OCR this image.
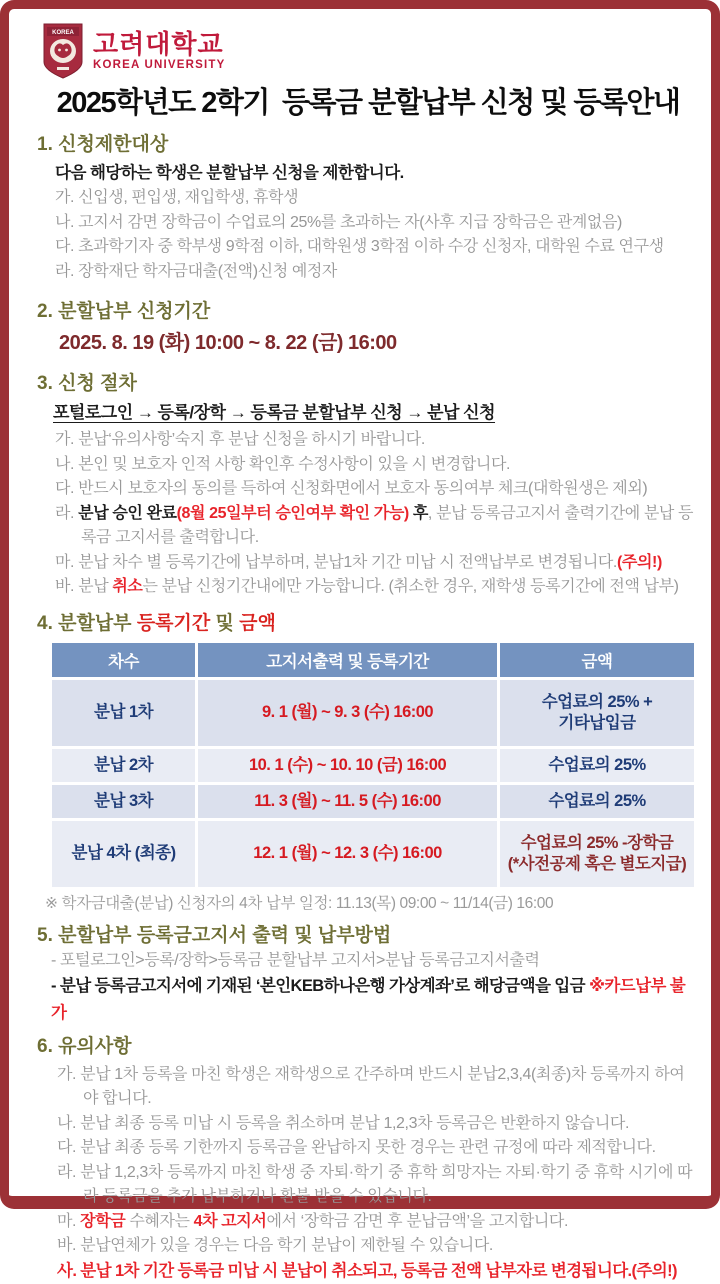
KOREA 고려대학교
KOREA UNIVERSITY
2025학년도 2학기  등록금 분할납부 신청 및 등록안내
1. 신청제한대상
다음 해당하는 학생은 분할납부 신청을 제한합니다.
가. 신입생, 편입생, 재입학생, 휴학생
나. 고지서 감면 장학금이 수업료의 25%를 초과하는 자(사후 지급 장학금은 관계없음)
다. 초과학기자 중 학부생 9학점 이하, 대학원생 3학점 이하 수강 신청자, 대학원 수료 연구생
라. 장학재단 학자금대출(전액)신청 예정자
2. 분할납부 신청기간
2025. 8. 19 (화) 10:00 ~ 8. 22 (금) 16:00
3. 신청 절차
포털로그인 → 등록/장학 → 등록금 분할납부 신청 → 분납 신청
가. 분납‘유의사항’숙지 후 분납 신청을 하시기 바랍니다.
나. 본인 및 보호자 인적 사항 확인후 수정사항이 있을 시 변경합니다.
다. 반드시 보호자의 동의를 득하여 신청화면에서 보호자 동의여부 체크(대학원생은 제외)
라. 분납 승인 완료(8월 25일부터 승인여부 확인 가능) 후, 분납 등록금고지서 출력기간에 분납 등록금 고지서를 출력합니다.
마. 분납 차수 별 등록기간에 납부하며, 분납1차 기간 미납 시 전액납부로 변경됩니다.(주의!)
바. 분납 취소는 분납 신청기간내에만 가능합니다. (취소한 경우, 재학생 등록기간에 전액 납부)
4. 분할납부 등록기간 및 금액
차수	고지서출력 및 등록기간	금액
분납 1차	9. 1 (월) ~ 9. 3 (수) 16:00	수업료의 25% +
기타납입금

분납 2차	10. 1 (수) ~ 10. 10 (금) 16:00	수업료의 25%
분납 3차	11. 3 (월) ~ 11. 5 (수) 16:00	수업료의 25%
분납 4차 (최종)	12. 1 (월) ~ 12. 3 (수) 16:00	수업료의 25% -장학금
(*사전공제 혹은 별도지급)
※ 학자금대출(분납) 신청자의 4차 납부 일정: 11.13(목) 09:00 ~ 11/14(금) 16:00
5. 분할납부 등록금고지서 출력 및 납부방법
- 포털로그인>등록/장학>등록금 분할납부 고지서>분납 등록금고지서출력
- 분납 등록금고지서에 기재된 ‘본인KEB하나은행 가상계좌’로 해당금액을 입금 ※카드납부 불가
6. 유의사항
가. 분납 1차 등록을 마친 학생은 재학생으로 간주하며 반드시 분납2,3,4(최종)차 등록까지 하여야 합니다.
나. 분납 최종 등록 미납 시 등록을 취소하며 분납 1,2,3차 등록금은 반환하지 않습니다.
다. 분납 최종 등록 기한까지 등록금을 완납하지 못한 경우는 관련 규정에 따라 제적합니다.
라. 분납 1,2,3차 등록까지 마친 학생 중 자퇴·학기 중 휴학 희망자는 자퇴·학기 중 휴학 시기에 따라 등록금을 추가 납부하거나 환불 받을 수 있습니다.
마. 장학금 수혜자는 4차 고지서에서 ‘장학금 감면 후 분납금액’을 고지합니다.
바. 분납연체가 있을 경우는 다음 학기 분납이 제한될 수 있습니다.
사. 분납 1차 기간 등록금 미납 시 분납이 취소되고, 등록금 전액 납부자로 변경됩니다.(주의!)
